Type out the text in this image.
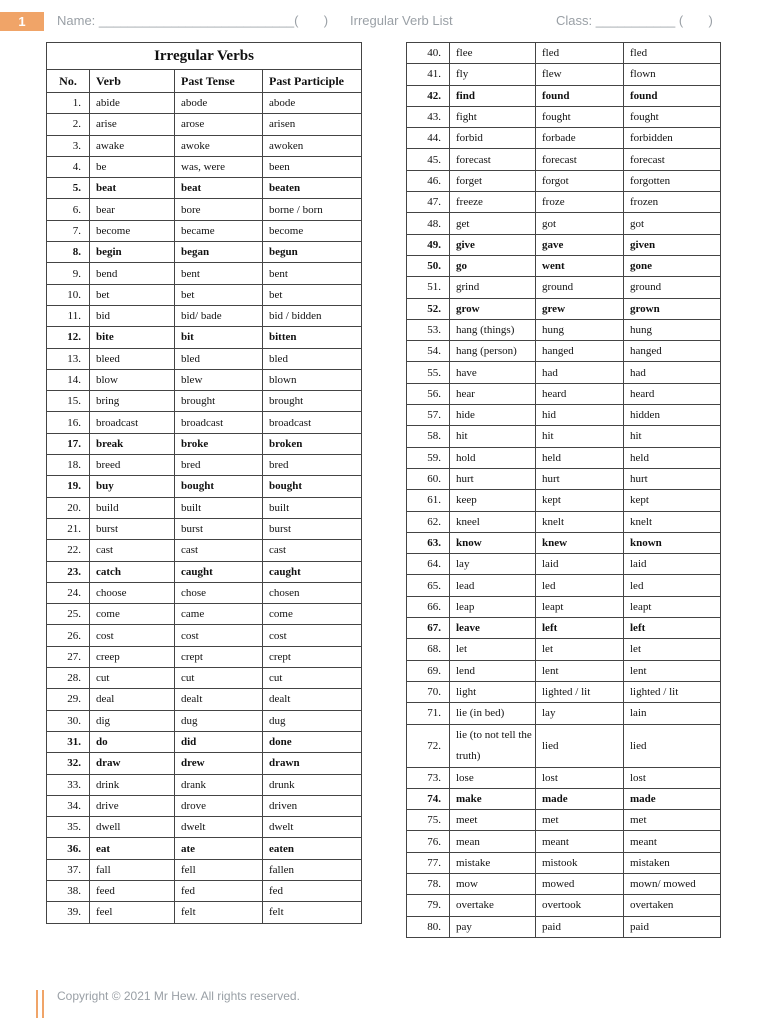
1	Name: ___________________________(       ) Irregular Verb List	Class: ___________ (       )
Irregular Verbs			
No.	Verb	Past Tense	Past Participle
1.	abide	abode	abode
2.	arise	arose	arisen
3.	awake	awoke	awoken
4.	be	was, were	been
5.	beat	beat	beaten
6.	bear	bore	borne / born
7.	become	became	become
8.	begin	began	begun
9.	bend	bent	bent
10.	bet	bet	bet
11.	bid	bid/ bade	bid / bidden
12.	bite	bit	bitten
13.	bleed	bled	bled
14.	blow	blew	blown
15.	bring	brought	brought
16.	broadcast	broadcast	broadcast
17.	break	broke	broken
18.	breed	bred	bred
19.	buy	bought	bought
20.	build	built	built
21.	burst	burst	burst
22.	cast	cast	cast
23.	catch	caught	caught
24.	choose	chose	chosen
25.	come	came	come
26.	cost	cost	cost
27.	creep	crept	crept
28.	cut	cut	cut
29.	deal	dealt	dealt
30.	dig	dug	dug
31.	do	did	done
32.	draw	drew	drawn
33.	drink	drank	drunk
34.	drive	drove	driven
35.	dwell	dwelt	dwelt
36.	eat	ate	eaten
37.	fall	fell	fallen
38.	feed	fed	fed
39.	feel	felt	felt
40.	flee	fled	fled
41.	fly	flew	flown
42.	find	found	found
43.	fight	fought	fought
44.	forbid	forbade	forbidden
45.	forecast	forecast	forecast
46.	forget	forgot	forgotten
47.	freeze	froze	frozen
48.	get	got	got
49.	give	gave	given
50.	go	went	gone
51.	grind	ground	ground
52.	grow	grew	grown
53.	hang (things)	hung	hung
54.	hang (person)	hanged	hanged
55.	have	had	had
56.	hear	heard	heard
57.	hide	hid	hidden
58.	hit	hit	hit
59.	hold	held	held
60.	hurt	hurt	hurt
61.	keep	kept	kept
62.	kneel	knelt	knelt
63.	know	knew	known
64.	lay	laid	laid
65.	lead	led	led
66.	leap	leapt	leapt
67.	leave	left	left
68.	let	let	let
69.	lend	lent	lent
70.	light	lighted / lit	lighted / lit
71.	lie (in bed)	lay	lain
72.	lie (to not tell the truth)	lied	lied
73.	lose	lost	lost
74.	make	made	made
75.	meet	met	met
76.	mean	meant	meant
77.	mistake	mistook	mistaken
78.	mow	mowed	mown/ mowed
79.	overtake	overtook	overtaken
80.	pay	paid	paid
Copyright © 2021 Mr Hew. All rights reserved.
